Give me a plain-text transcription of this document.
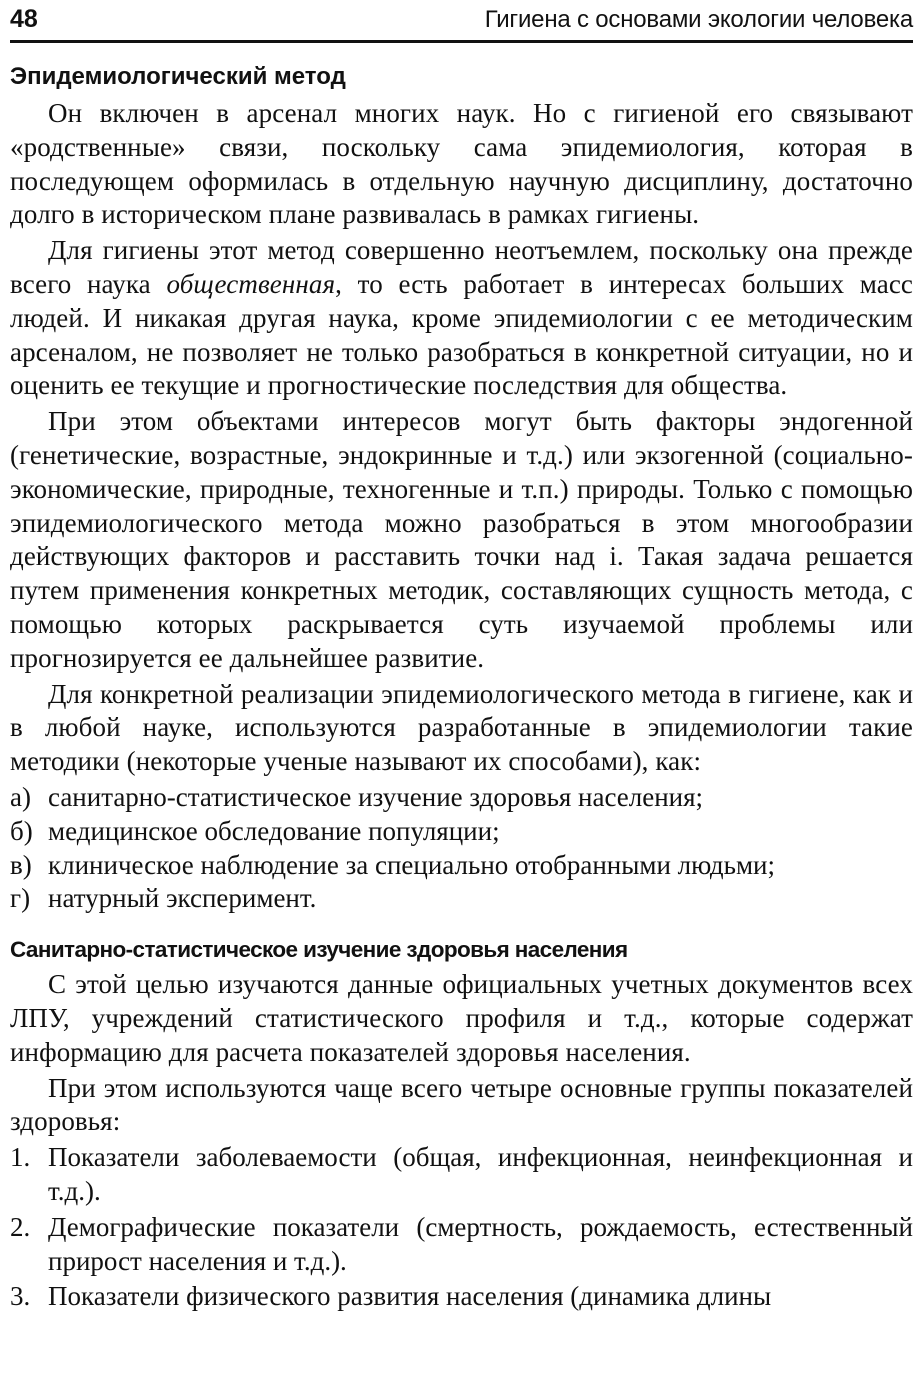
48	Гигиена с основами экологии человека
Эпидемиологический метод

Он включен в арсенал многих наук. Но с гигиеной его связывают «родственные» связи, поскольку сама эпидемиология, которая в последующем оформилась в отдельную научную дисциплину, достаточно долго в историческом плане развивалась в рамках гигиены.

Для гигиены этот метод совершенно неотъемлем, поскольку она прежде всего наука общественная, то есть работает в интересах больших масс людей. И никакая другая наука, кроме эпидемиологии с ее методическим арсеналом, не позволяет не только разобраться в конкретной ситуации, но и оценить ее текущие и прогностические последствия для общества.

При этом объектами интересов могут быть факторы эндогенной (генетические, возрастные, эндокринные и т.д.) или экзогенной (социально-экономические, природные, техногенные и т.п.) природы. Только с помощью эпидемиологического метода можно разобраться в этом многообразии действующих факторов и расставить точки над i. Такая задача решается путем применения конкретных методик, составляющих сущность метода, с помощью которых раскрывается суть изучаемой проблемы или прогнозируется ее дальнейшее развитие.

Для конкретной реализации эпидемиологического метода в гигиене, как и в любой науке, используются разработанные в эпидемиологии такие методики (некоторые ученые называют их способами), как:

а) санитарно-статистическое изучение здоровья населения;
б) медицинское обследование популяции;
в) клиническое наблюдение за специально отобранными людьми;
г) натурный эксперимент.
Санитарно-статистическое изучение здоровья населения

С этой целью изучаются данные официальных учетных документов всех ЛПУ, учреждений статистического профиля и т.д., которые содержат информацию для расчета показателей здоровья населения.

При этом используются чаще всего четыре основные группы показателей здоровья:

1. Показатели заболеваемости (общая, инфекционная, неинфекционная и т.д.).
2. Демографические показатели (смертность, рождаемость, естественный прирост населения и т.д.).
3. Показатели физического развития населения (динамика длины
